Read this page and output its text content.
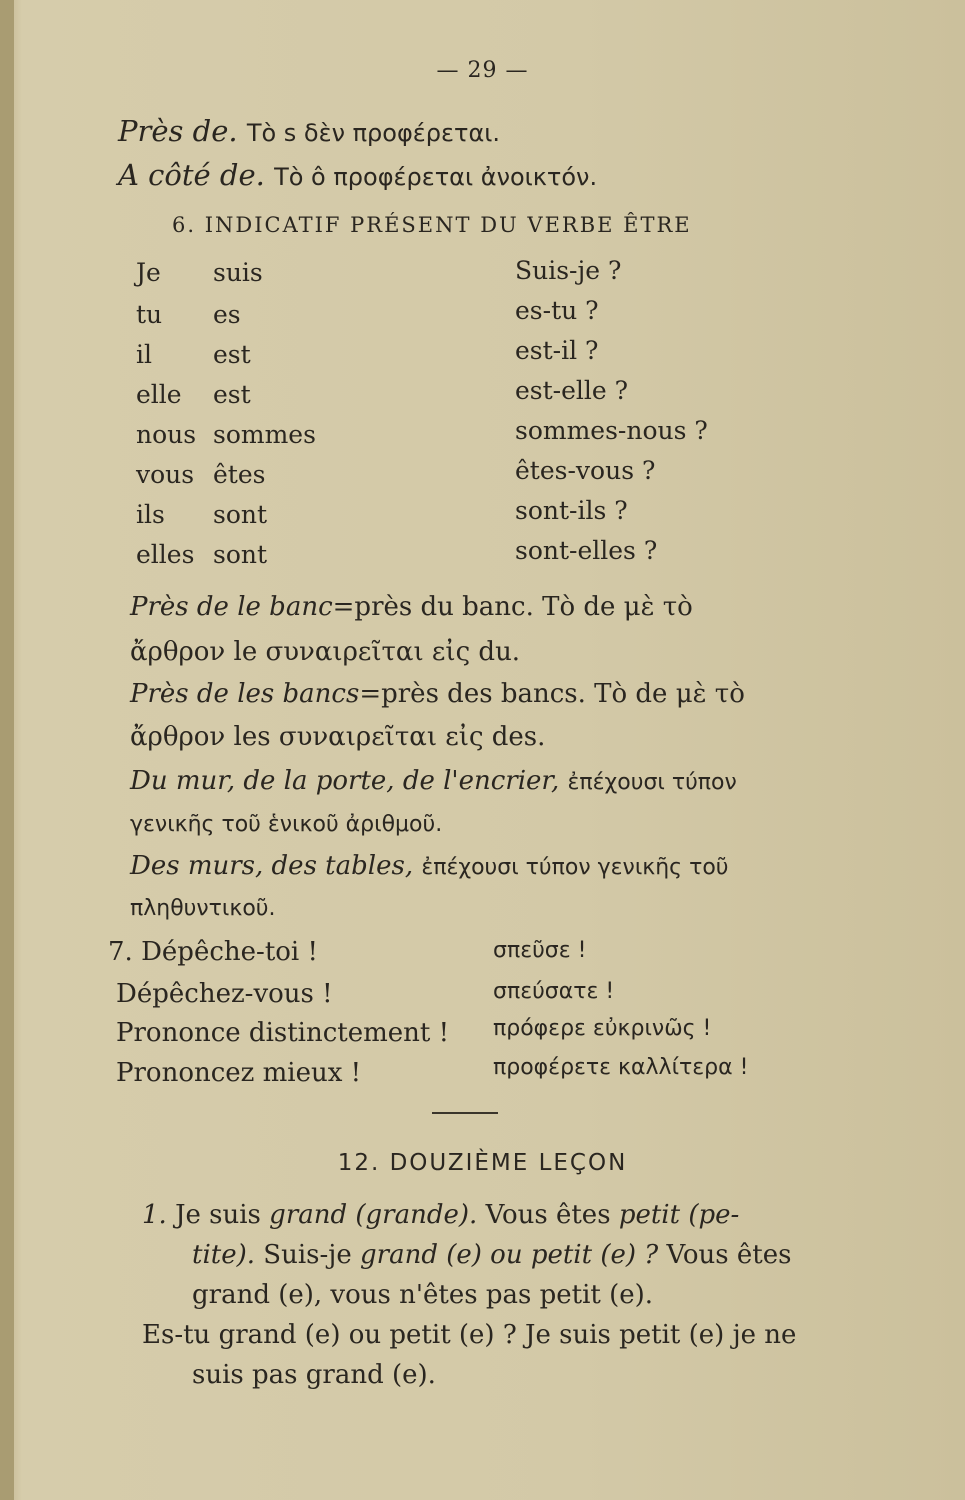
— 29 —
Près de. Τὸ s δὲν προφέρεται.
A côté de. Τὸ ô προφέρεται ἀνοικτόν.
6. INDICATIF PRÉSENT DU VERBE ÊTRE
Je suis	Suis-je ?
tu es	es-tu ?
il est	est-il ?
elle est	est-elle ?
nous sommes	sommes-nous ?
vous êtes	êtes-vous ?
ils sont	sont-ils ?
elles sont	sont-elles ?
Près de le banc=près du banc. Τὸ de μὲ τὸ
ἄρθρον le συναιρεῖται εἰς du.
Près de les bancs=près des bancs. Τὸ de μὲ τὸ
ἄρθρον les συναιρεῖται εἰς des.
Du mur, de la porte, de l'encrier, ἐπέχουσι τύπον
γενικῆς τοῦ ἑνικοῦ ἀριθμοῦ.
Des murs, des tables, ἐπέχουσι τύπον γενικῆς τοῦ
πληθυντικοῦ.
7. Dépêche-toi !	σπεῦσε !
Dépêchez-vous !	σπεύσατε !
Prononce distinctement ! πρόφερε εὐκρινῶς !
Prononcez mieux !	προφέρετε καλλίτερα !
12. DOUZIÈME LEÇON
1. Je suis grand (grande). Vous êtes petit (pe-
tite). Suis-je grand (e) ou petit (e) ? Vous êtes
grand (e), vous n'êtes pas petit (e).
Es-tu grand (e) ou petit (e) ? Je suis petit (e) je ne
suis pas grand (e).
